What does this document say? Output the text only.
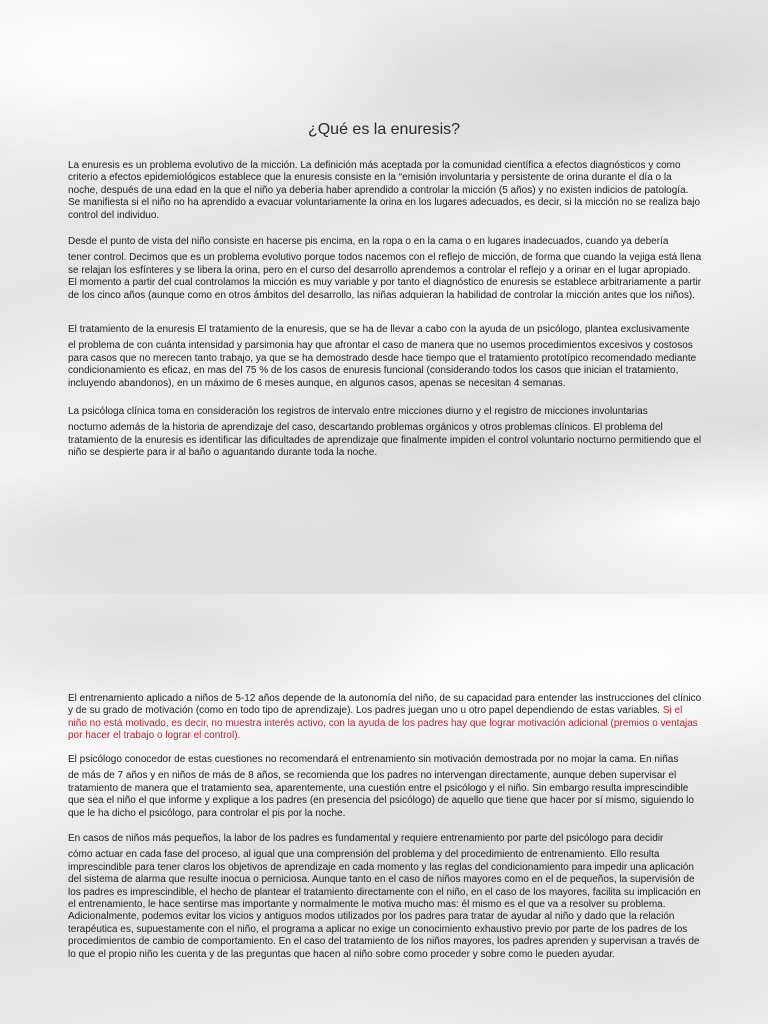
¿Qué es la enuresis?

La enuresis es un problema evolutivo de la micción. La definición más aceptada por la comunidad científica a efectos diagnósticos y como criterio a efectos epidemiológicos establece que la enuresis consiste en la “emisión involuntaria y persistente de orina durante el día o la noche, después de una edad en la que el niño ya debería haber aprendido a controlar la micción (5 años) y no existen indicios de patología. Se manifiesta si el niño no ha aprendido a evacuar voluntariamente la orina en los lugares adecuados, es decir, si la micción no se realiza bajo control del individuo.

Desde el punto de vista del niño consiste en hacerse pis encima, en la ropa o en la cama o en lugares inadecuados, cuando ya debería
tener control. Decimos que es un problema evolutivo porque todos nacemos con el reflejo de micción, de forma que cuando la vejiga está llena se relajan los esfínteres y se libera la orina, pero en el curso del desarrollo aprendemos a controlar el reflejo y a orinar en el lugar apropiado. El momento a partir del cual controlamos la micción es muy variable y por tanto el diagnóstico de enuresis se establece arbitrariamente a partir de los cinco años (aunque como en otros ámbitos del desarrollo, las niñas adquieran la habilidad de controlar la micción antes que los niños).

El tratamiento de la enuresis El tratamiento de la enuresis, que se ha de llevar a cabo con la ayuda de un psicólogo, plantea exclusivamente
el problema de con cuánta intensidad y parsimonia hay que afrontar el caso de manera que no usemos procedimientos excesivos y costosos para casos que no merecen tanto trabajo, ya que se ha demostrado desde hace tiempo que el tratamiento prototípico recomendado mediante condicionamiento es eficaz, en mas del 75 % de los casos de enuresis funcional (considerando todos los casos que inician el tratamiento, incluyendo abandonos), en un máximo de 6 meses aunque, en algunos casos, apenas se necesitan 4 semanas.

La psicóloga clínica toma en consideración los registros de intervalo entre micciones diurno y el registro de micciones involuntarias
nocturno además de la historia de aprendizaje del caso, descartando problemas orgánicos y otros problemas clínicos. El problema del tratamiento de la enuresis es identificar las dificultades de aprendizaje que finalmente impiden el control voluntario nocturno permitiendo que el niño se despierte para ir al baño o aguantando durante toda la noche.

El entrenamiento aplicado a niños de 5-12 años depende de la autonomía del niño, de su capacidad para entender las instrucciones del clínico y de su grado de motivación (como en todo tipo de aprendizaje). Los padres juegan uno u otro papel dependiendo de estas variables. Si el niño no está motivado, es decir, no muestra interés activo, con la ayuda de los padres hay que lograr motivación adicional (premios o ventajas por hacer el trabajo o lograr el control).

El psicólogo conocedor de estas cuestiones no recomendará el entrenamiento sin motivación demostrada por no mojar la cama. En niñas
de más de 7 años y en niños de más de 8 años, se recomienda que los padres no intervengan directamente, aunque deben supervisar el tratamiento de manera que el tratamiento sea, aparentemente, una cuestión entre el psicólogo y el niño. Sin embargo resulta imprescindible que sea el niño el que informe y explique a los padres (en presencia del psicólogo) de aquello que tiene que hacer por sí mismo, siguiendo lo que le ha dicho el psicólogo, para controlar el pis por la noche.

En casos de niños más pequeños, la labor de los padres es fundamental y requiere entrenamiento por parte del psicólogo para decidir
cómo actuar en cada fase del proceso, al igual que una comprensión del problema y del procedimiento de entrenamiento. Ello resulta imprescindible para tener claros los objetivos de aprendizaje en cada momento y las reglas del condicionamiento para impedir una aplicación del sistema de alarma que resulte inocua o perniciosa. Aunque tanto en el caso de niños mayores como en el de pequeños, la supervisión de los padres es imprescindible, el hecho de plantear el tratamiento directamente con el niño, en el caso de los mayores, facilita su implicación en el entrenamiento, le hace sentirse mas importante y normalmente le motiva mucho mas: él mismo es el que va a resolver su problema. Adicionalmente, podemos evitar los vicios y antiguos modos utilizados por los padres para tratar de ayudar al niño y dado que la relación terapéutica es, supuestamente con el niño, el programa a aplicar no exige un conocimiento exhaustivo previo por parte de los padres de los procedimientos de cambio de comportamiento. En el caso del tratamiento de los niños mayores, los padres aprenden y supervisan a través de lo que el propio niño les cuenta y de las preguntas que hacen al niño sobre como proceder y sobre como le pueden ayudar.
